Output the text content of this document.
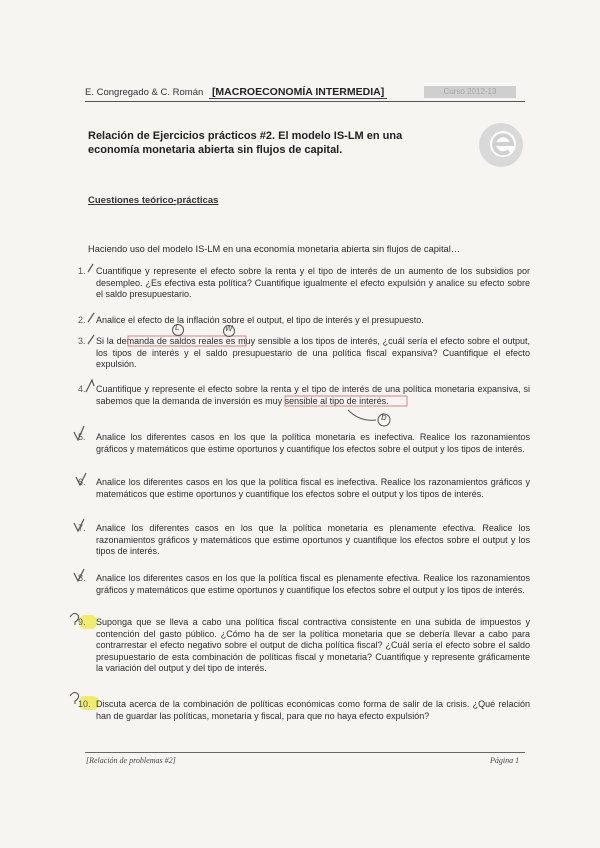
E. Congregado & C. Román [MACROECONOMÍA INTERMEDIA]	Curso 2012-13
Relación de Ejercicios prácticos #2. El modelo IS-LM en una economía monetaria abierta sin flujos de capital.
Cuestiones teórico-prácticas
Haciendo uso del modelo IS-LM en una economía monetaria abierta sin flujos de capital…
1.	Cuantifique y represente el efecto sobre la renta y el tipo de interés de un aumento de los subsidios por desempleo. ¿Es efectiva esta política? Cuantifique igualmente el efecto expulsión y analice su efecto sobre el saldo presupuestario.
2.	Analice el efecto de la inflación sobre el output, el tipo de interés y el presupuesto.
3.	Si la demanda de saldos reales es muy sensible a los tipos de interés, ¿cuál sería el efecto sobre el output, los tipos de interés y el saldo presupuestario de una política fiscal expansiva? Cuantifique el efecto expulsión.
4.	Cuantifique y represente el efecto sobre la renta y el tipo de interés de una política monetaria expansiva, si sabemos que la demanda de inversión es muy sensible al tipo de interés.
5.	Analice los diferentes casos en los que la política monetaria es inefectiva. Realice los razonamientos gráficos y matemáticos que estime oportunos y cuantifique los efectos sobre el output y los tipos de interés.
6.	Analice los diferentes casos en los que la política fiscal es inefectiva. Realice los razonamientos gráficos y matemáticos que estime oportunos y cuantifique los efectos sobre el output y los tipos de interés.
7.	Analice los diferentes casos en los que la política monetaria es plenamente efectiva. Realice los razonamientos gráficos y matemáticos que estime oportunos y cuantifique los efectos sobre el output y los tipos de interés.
8.	Analice los diferentes casos en los que la política fiscal es plenamente efectiva. Realice los razonamientos gráficos y matemáticos que estime oportunos y cuantifique los efectos sobre el output y los tipos de interés.
9.	Suponga que se lleva a cabo una política fiscal contractiva consistente en una subida de impuestos y contención del gasto público. ¿Cómo ha de ser la política monetaria que se debería llevar a cabo para contrarrestar el efecto negativo sobre el output de dicha política fiscal? ¿Cuál sería el efecto sobre el saldo presupuestario de esta combinación de políticas fiscal y monetaria? Cuantifique y represente gráficamente la variación del output y del tipo de interés.
10. Discuta acerca de la combinación de políticas económicas como forma de salir de la crisis. ¿Qué relación han de guardar las políticas, monetaria y fiscal, para que no haya efecto expulsión?
L	W
b
[Relación de problemas #2]	Página 1
